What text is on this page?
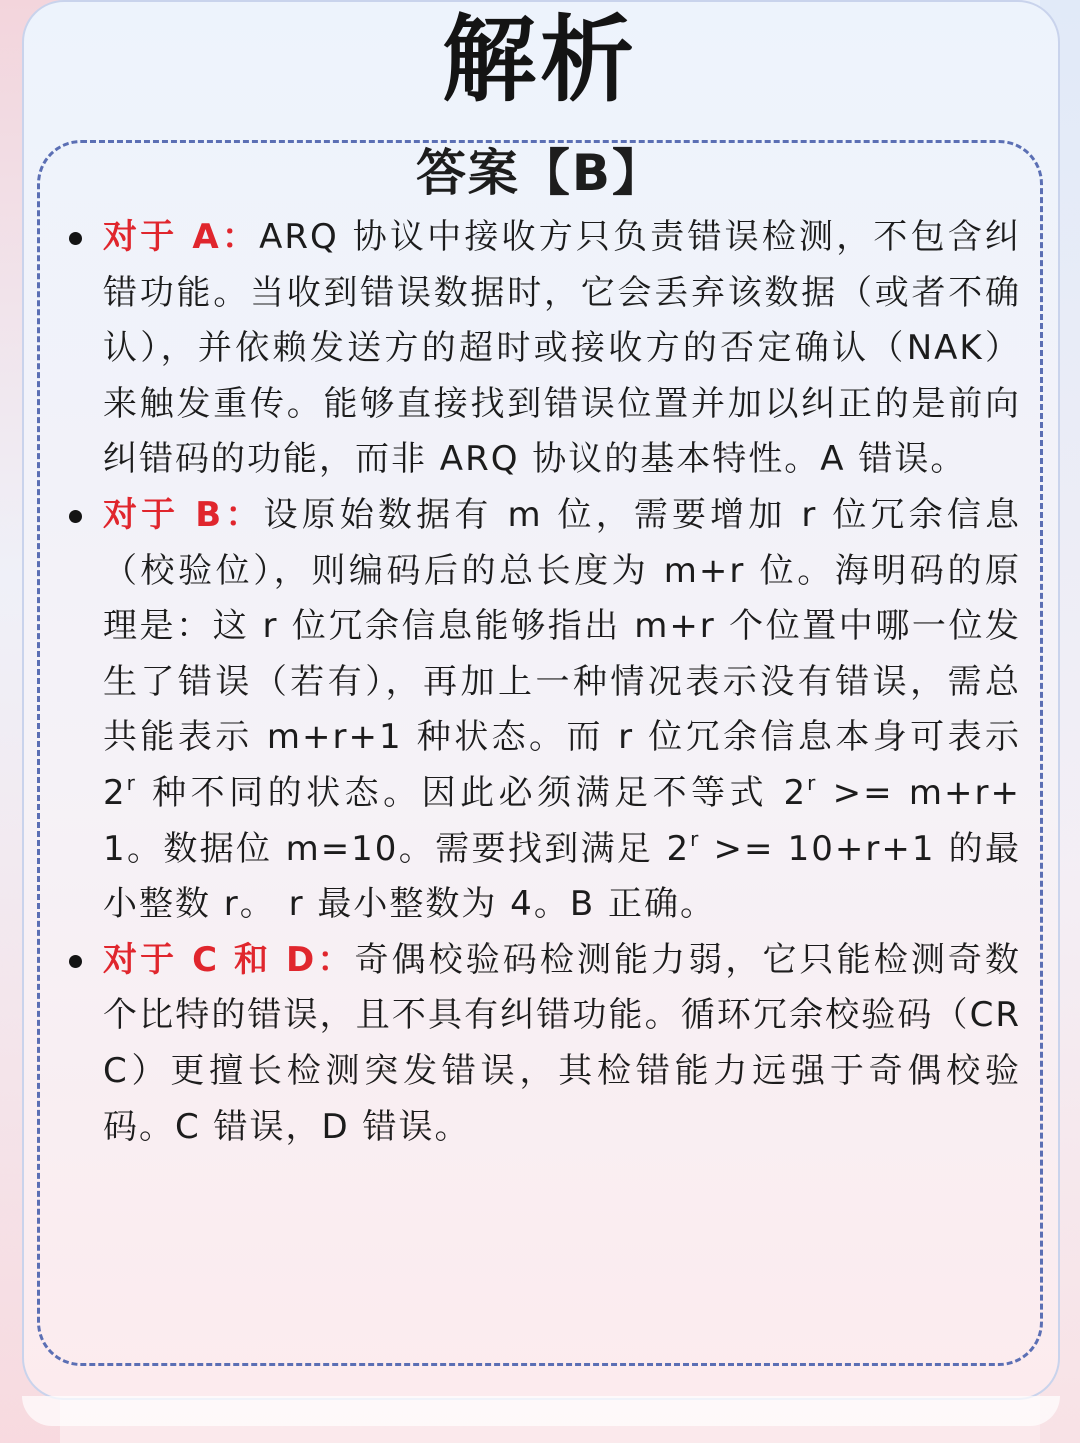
解析
答案【B】
对于 A：ARQ 协议中接收方只负责错误检测，不包含纠错功能。当收到错误数据时，它会丢弃该数据（或者不确认），并依赖发送方的超时或接收方的否定确认（NAK）来触发重传。能够直接找到错误位置并加以纠正的是前向纠错码的功能，而非 ARQ 协议的基本特性。A 错误。
对于 B：设原始数据有 m 位，需要增加 r 位冗余信息（校验位），则编码后的总长度为 m+r 位。海明码的原理是：这 r 位冗余信息能够指出 m+r 个位置中哪一位发生了错误（若有），再加上一种情况表示没有错误，需总共能表示 m+r+1 种状态。而 r 位冗余信息本身可表示 2$^r$ 种不同的状态。因此必须满足不等式 $2^r >= m+r+1$。数据位 m=10。需要找到满足 $2^r >= 10+r+1$ 的最小整数 r。 r 最小整数为 4。B 正确。
对于 C 和 D：奇偶校验码检测能力弱，它只能检测奇数个比特的错误，且不具有纠错功能。循环冗余校验码（CRC）更擅长检测突发错误，其检错能力远强于奇偶校验码。C 错误，D 错误。
